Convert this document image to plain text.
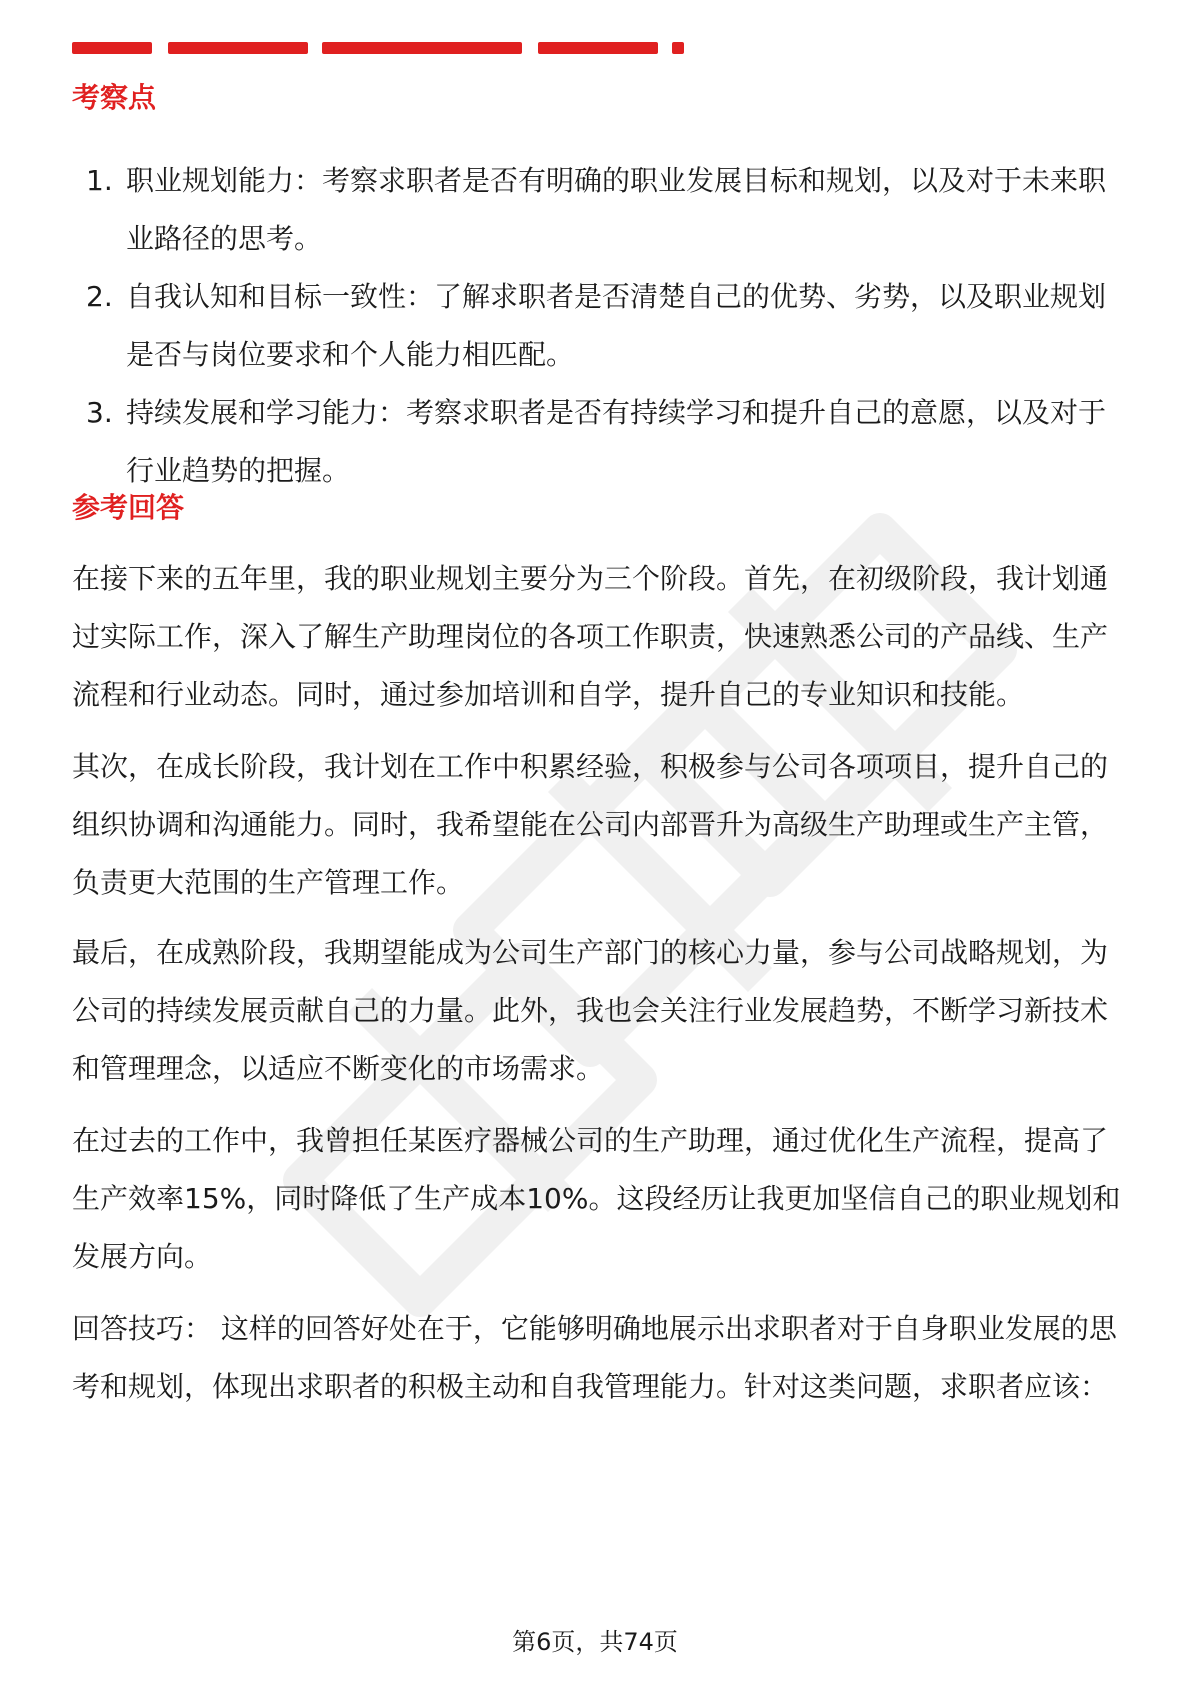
考察点
1. 职业规划能力：考察求职者是否有明确的职业发展目标和规划，以及对于未来职业路径的思考。
2. 自我认知和目标一致性：了解求职者是否清楚自己的优势、劣势，以及职业规划是否与岗位要求和个人能力相匹配。
3. 持续发展和学习能力：考察求职者是否有持续学习和提升自己的意愿，以及对于行业趋势的把握。
参考回答

在接下来的五年里，我的职业规划主要分为三个阶段。首先，在初级阶段，我计划通过实际工作，深入了解生产助理岗位的各项工作职责，快速熟悉公司的产品线、生产流程和行业动态。同时，通过参加培训和自学，提升自己的专业知识和技能。

其次，在成长阶段，我计划在工作中积累经验，积极参与公司各项项目，提升自己的组织协调和沟通能力。同时，我希望能在公司内部晋升为高级生产助理或生产主管，负责更大范围的生产管理工作。

最后，在成熟阶段，我期望能成为公司生产部门的核心力量，参与公司战略规划，为公司的持续发展贡献自己的力量。此外，我也会关注行业发展趋势，不断学习新技术和管理理念，以适应不断变化的市场需求。

在过去的工作中，我曾担任某医疗器械公司的生产助理，通过优化生产流程，提高了生产效率15%，同时降低了生产成本10%。这段经历让我更加坚信自己的职业规划和发展方向。

回答技巧： 这样的回答好处在于，它能够明确地展示出求职者对于自身职业发展的思考和规划，体现出求职者的积极主动和自我管理能力。针对这类问题，求职者应该：

第6页，共74页
